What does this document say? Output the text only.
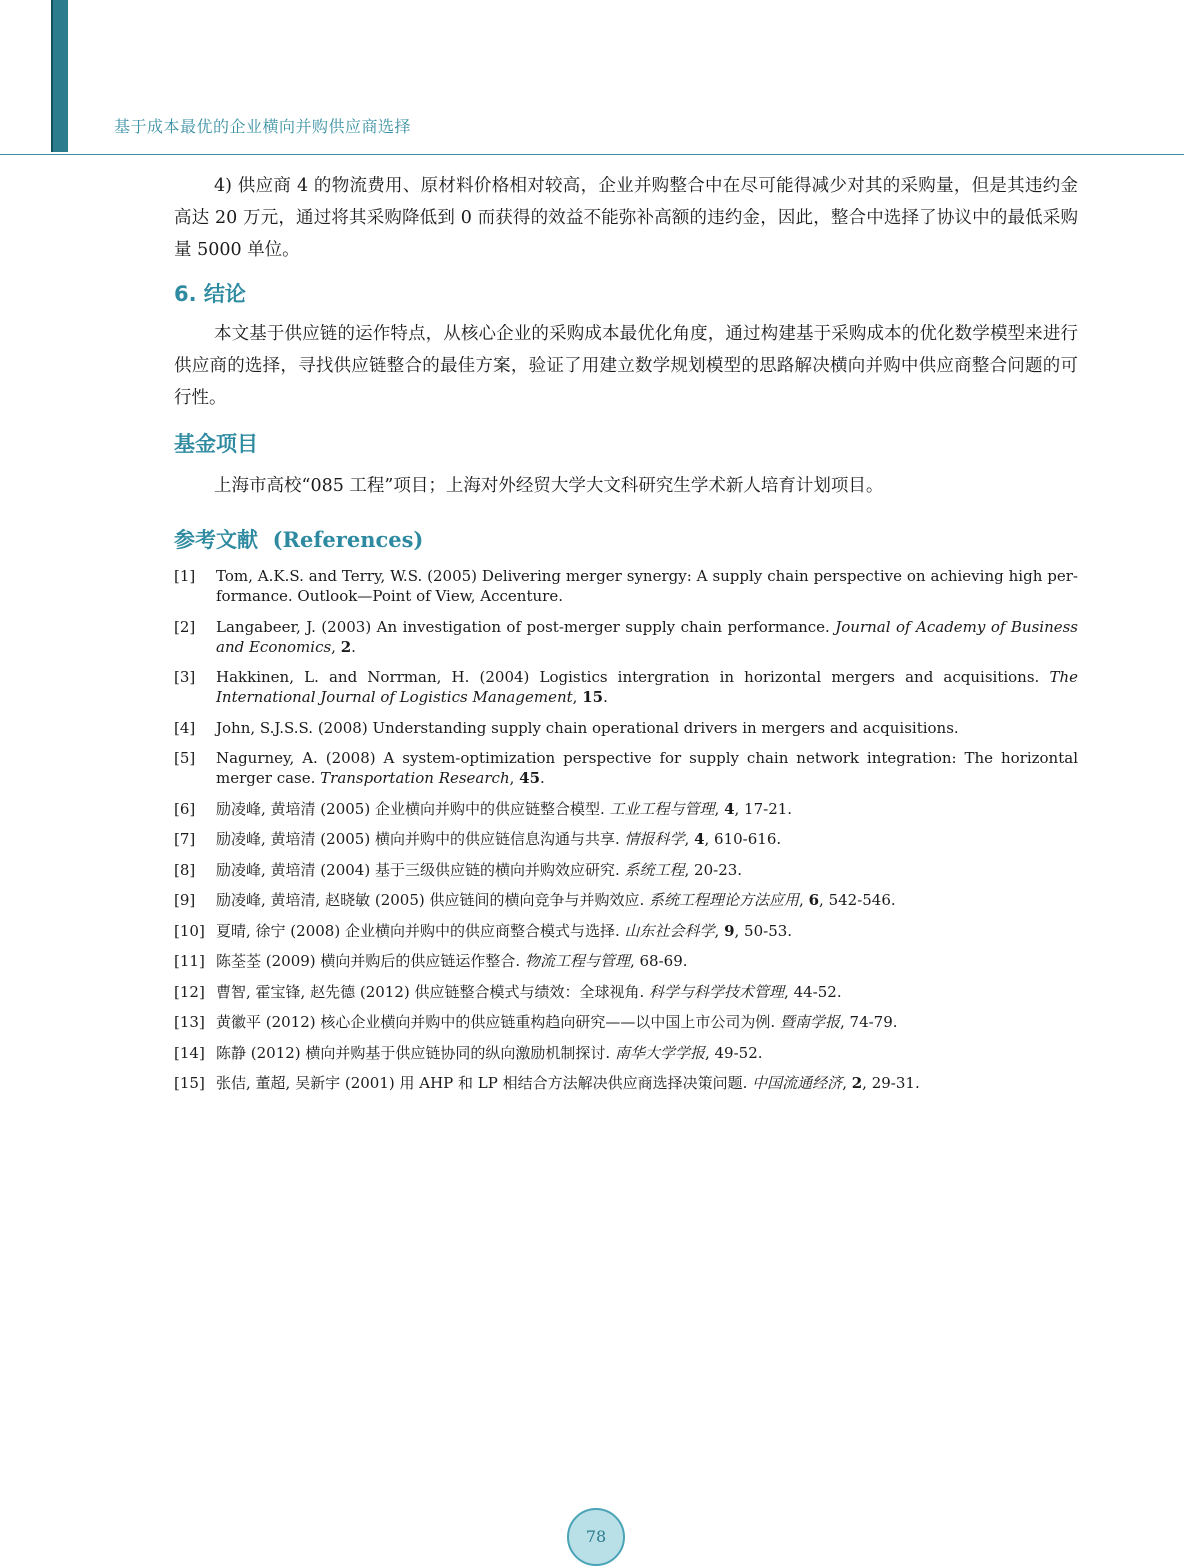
基于成本最优的企业横向并购供应商选择

4) 供应商 4 的物流费用、原材料价格相对较高，企业并购整合中在尽可能得减少对其的采购量，但是其违约金高达 20 万元，通过将其采购降低到 0 而获得的效益不能弥补高额的违约金，因此，整合中选择了协议中的最低采购量 5000 单位。

6. 结论

本文基于供应链的运作特点，从核心企业的采购成本最优化角度，通过构建基于采购成本的优化数学模型来进行供应商的选择，寻找供应链整合的最佳方案，验证了用建立数学规划模型的思路解决横向并购中供应商整合问题的可行性。

基金项目

上海市高校“085 工程”项目；上海对外经贸大学大文科研究生学术新人培育计划项目。

参考文献 (References)
[1]	Tom, A.K.S. and Terry, W.S. (2005) Delivering merger synergy: A supply chain perspective on achieving high per-formance. Outlook—Point of View, Accenture.
[2]	Langabeer, J. (2003) An investigation of post-merger supply chain performance. Journal of Academy of Business and Economics, 2.
[3]	Hakkinen, L. and Norrman, H. (2004) Logistics intergration in horizontal mergers and acquisitions. The International Journal of Logistics Management, 15.
[4]	John, S.J.S.S. (2008) Understanding supply chain operational drivers in mergers and acquisitions.
[5]	Nagurney, A. (2008) A system-optimization perspective for supply chain network integration: The horizontal merger case. Transportation Research, 45.
[6]	励凌峰, 黄培清 (2005) 企业横向并购中的供应链整合模型. 工业工程与管理, 4, 17-21.
[7]	励凌峰, 黄培清 (2005) 横向并购中的供应链信息沟通与共享. 情报科学, 4, 610-616.
[8]	励凌峰, 黄培清 (2004) 基于三级供应链的横向并购效应研究. 系统工程, 20-23.
[9]	励凌峰, 黄培清, 赵晓敏 (2005) 供应链间的横向竞争与并购效应. 系统工程理论方法应用, 6, 542-546.
[10] 夏晴, 徐宁 (2008) 企业横向并购中的供应商整合模式与选择. 山东社会科学, 9, 50-53.
[11] 陈荃荃 (2009) 横向并购后的供应链运作整合. 物流工程与管理, 68-69.
[12] 曹智, 霍宝锋, 赵先德 (2012) 供应链整合模式与绩效：全球视角. 科学与科学技术管理, 44-52.
[13] 黄徽平 (2012) 核心企业横向并购中的供应链重构趋向研究——以中国上市公司为例. 暨南学报, 74-79.
[14] 陈静 (2012) 横向并购基于供应链协同的纵向激励机制探讨. 南华大学学报, 49-52.
[15] 张佶, 董超, 吴新宇 (2001) 用 AHP 和 LP 相结合方法解决供应商选择决策问题. 中国流通经济, 2, 29-31.
78
